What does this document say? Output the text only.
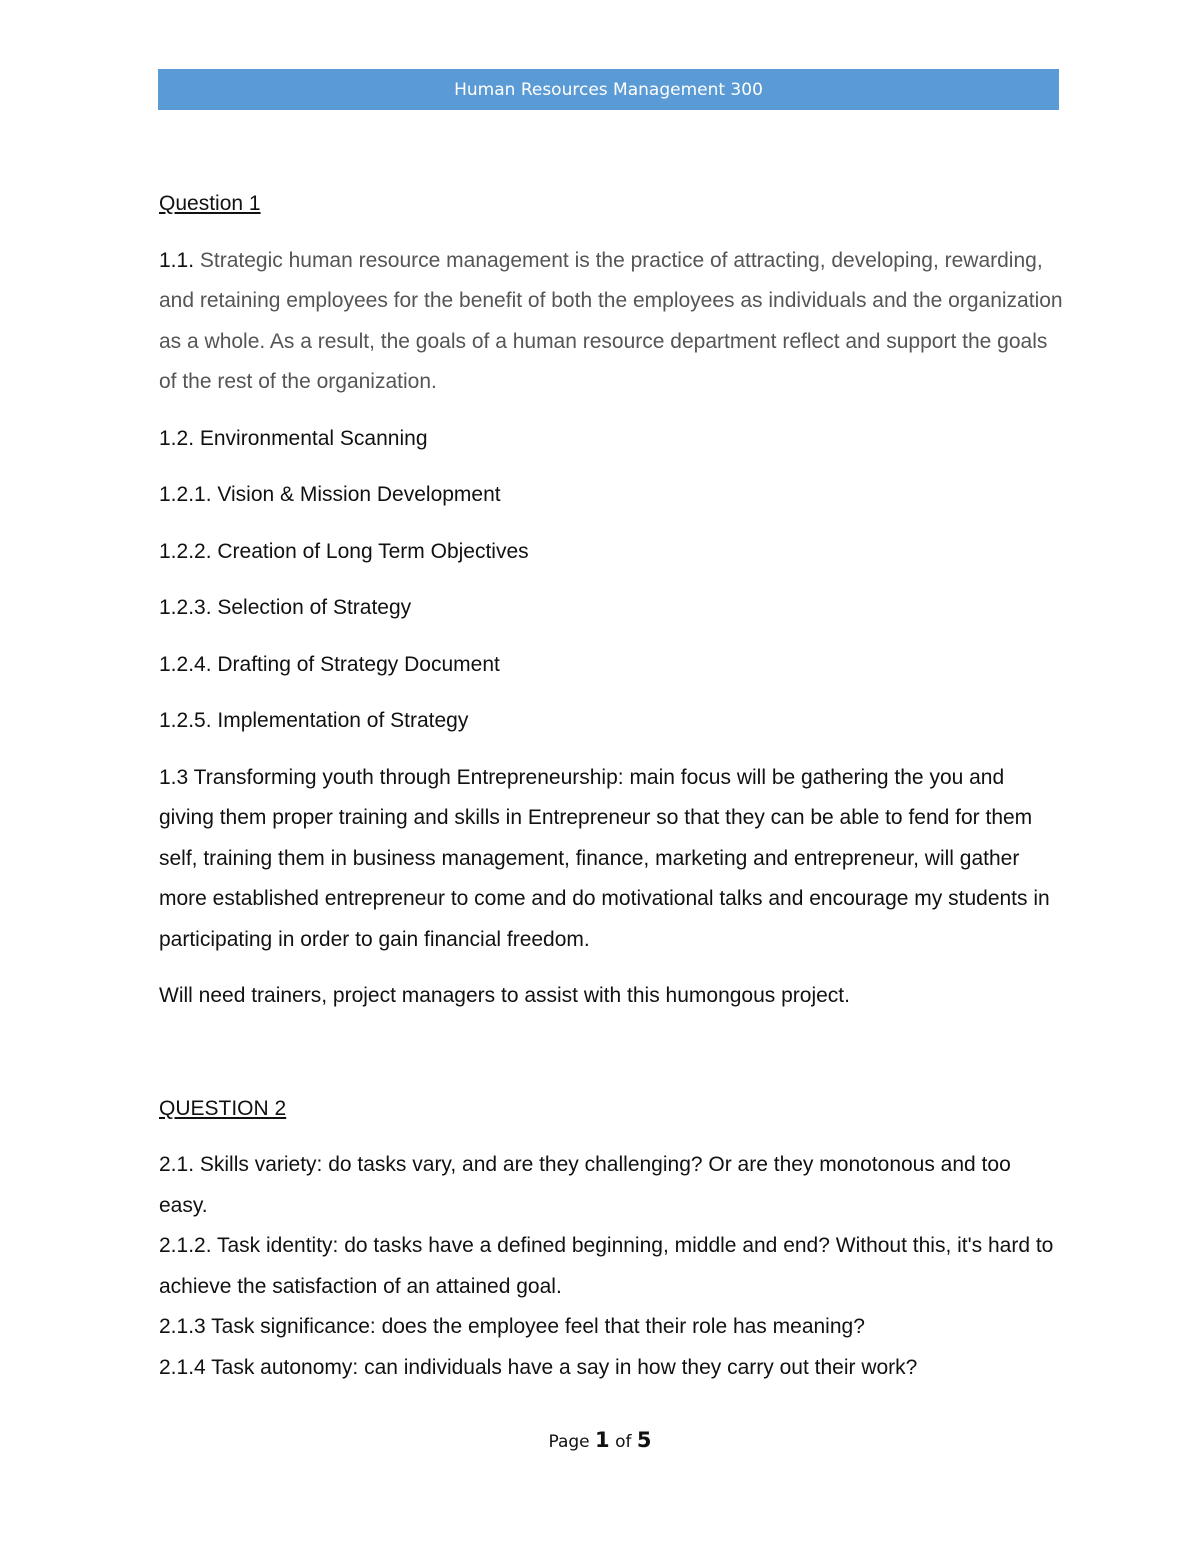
Human Resources Management 300

Question 1

1.1. Strategic human resource management is the practice of attracting, developing, rewarding, and retaining employees for the benefit of both the employees as individuals and the organization as a whole. As a result, the goals of a human resource department reflect and support the goals of the rest of the organization.

1.2. Environmental Scanning

1.2.1. Vision & Mission Development

1.2.2. Creation of Long Term Objectives

1.2.3. Selection of Strategy

1.2.4. Drafting of Strategy Document

1.2.5. Implementation of Strategy

1.3 Transforming youth through Entrepreneurship: main focus will be gathering the you and giving them proper training and skills in Entrepreneur so that they can be able to fend for them self, training them in business management, finance, marketing and entrepreneur, will gather more established entrepreneur to come and do motivational talks and encourage my students in participating in order to gain financial freedom.

Will need trainers, project managers to assist with this humongous project.

QUESTION 2

2.1. Skills variety: do tasks vary, and are they challenging? Or are they monotonous and too easy.

2.1.2. Task identity: do tasks have a defined beginning, middle and end? Without this, it's hard to achieve the satisfaction of an attained goal.

2.1.3 Task significance: does the employee feel that their role has meaning?

2.1.4 Task autonomy: can individuals have a say in how they carry out their work?

Page 1 of 5
